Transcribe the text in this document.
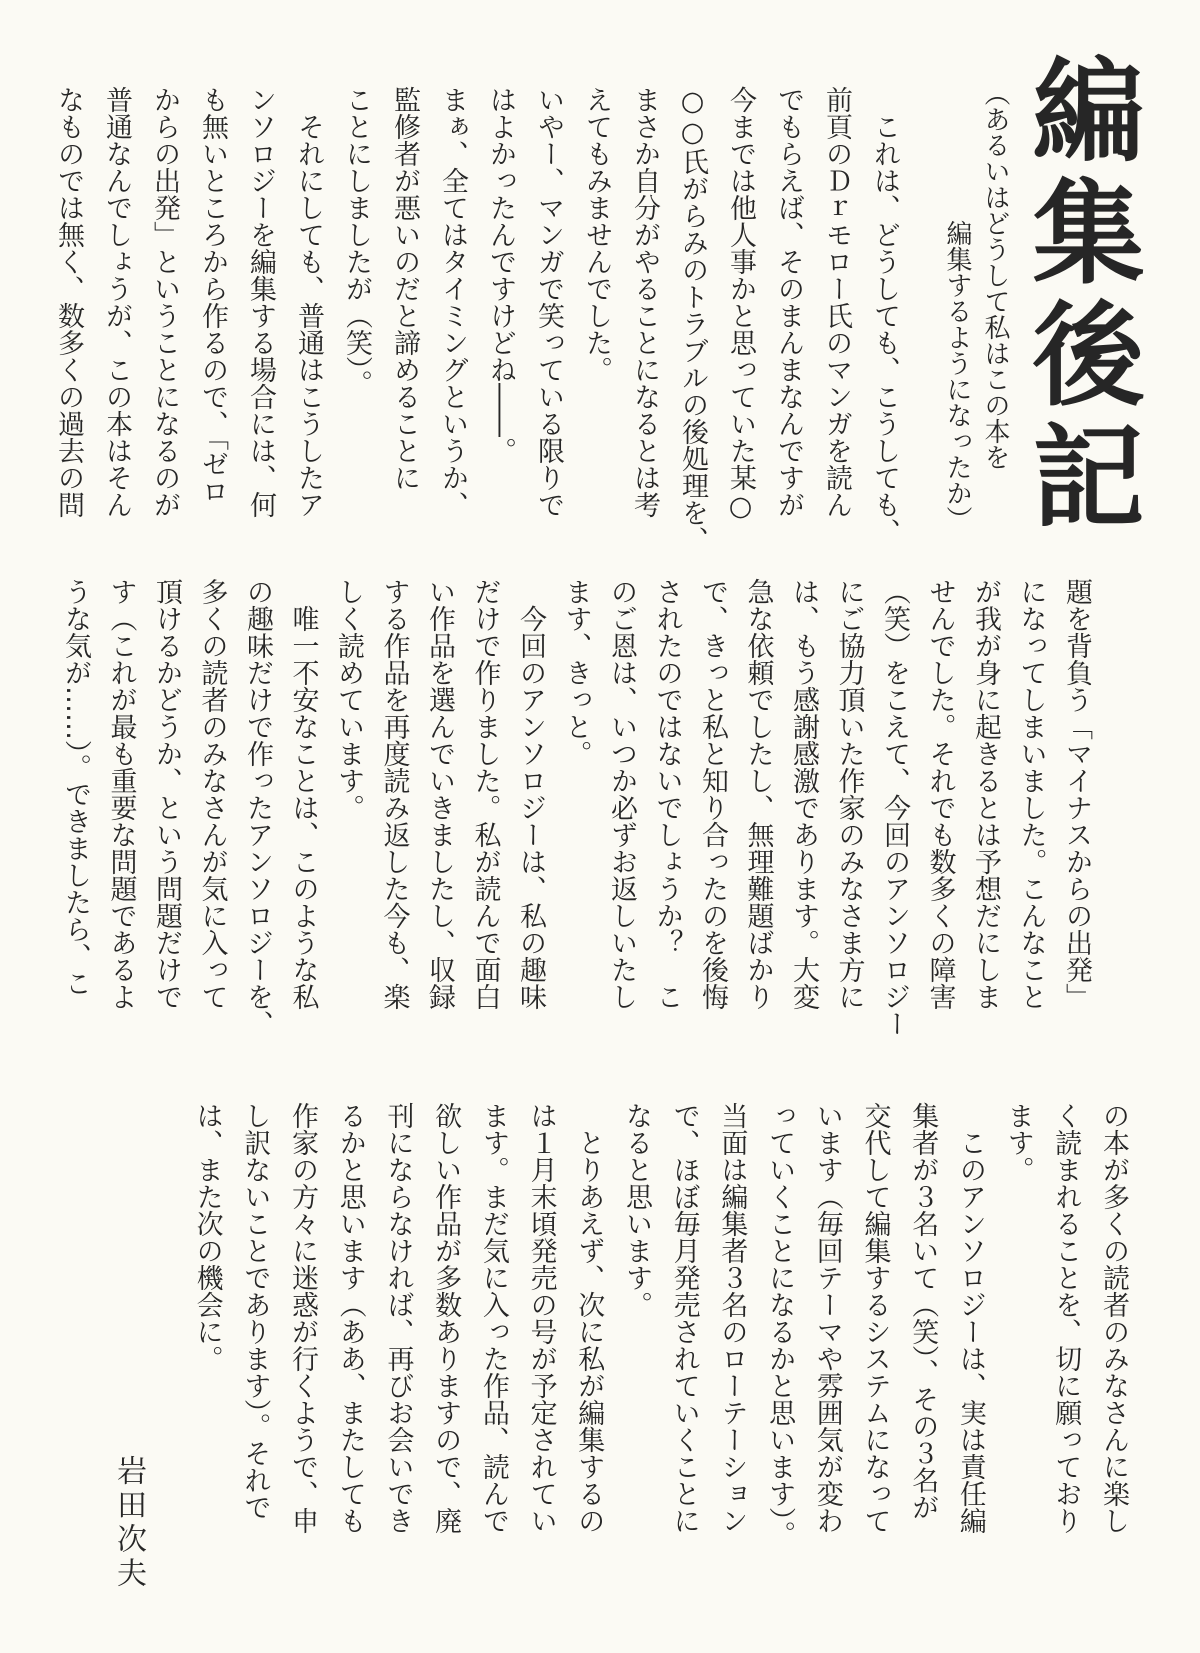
編集後記
（あるいはどうして私はこの本を
編集するようになったか）
　これは、どうしても、こうしても、
前頁のＤｒモロー氏のマンガを読ん
でもらえば、そのまんまなんですが
今までは他人事かと思っていた某○
○○氏がらみのトラブルの後処理を、
まさか自分がやることになるとは考
えてもみませんでした。
いやー、マンガで笑っている限りで
はよかったんですけどね――。
まぁ、全てはタイミングというか、
監修者が悪いのだと諦めることに
ことにしましたが（笑）。
　それにしても、普通はこうしたア
ンソロジーを編集する場合には、何
も無いところから作るので、「ゼロ
からの出発」ということになるのが
普通なんでしょうが、この本はそん
なものでは無く、数多くの過去の問
題を背負う「マイナスからの出発」
になってしまいました。こんなこと
が我が身に起きるとは予想だにしま
せんでした。それでも数多くの障害
（笑）をこえて、今回のアンソロジー
にご協力頂いた作家のみなさま方に
は、もう感謝感激であります。大変
急な依頼でしたし、無理難題ばかり
で、きっと私と知り合ったのを後悔
されたのではないでしょうか？　こ
のご恩は、いつか必ずお返しいたし
ます、きっと。
　今回のアンソロジーは、私の趣味
だけで作りました。私が読んで面白
い作品を選んでいきましたし、収録
する作品を再度読み返した今も、楽
しく読めています。
　唯一不安なことは、このような私
の趣味だけで作ったアンソロジーを、
多くの読者のみなさんが気に入って
頂けるかどうか、という問題だけで
す（これが最も重要な問題であるよ
うな気が……）。できましたら、こ
の本が多くの読者のみなさんに楽し
く読まれることを、切に願っており
ます。
　このアンソロジーは、実は責任編
集者が３名いて（笑）、その３名が
交代して編集するシステムになって
います（毎回テーマや雰囲気が変わ
っていくことになるかと思います）。
当面は編集者３名のローテーション
で、ほぼ毎月発売されていくことに
なると思います。
　とりあえず、次に私が編集するの
は１月末頃発売の号が予定されてい
ます。まだ気に入った作品、読んで
欲しい作品が多数ありますので、廃
刊にならなければ、再びお会いでき
るかと思います（ああ、またしても
作家の方々に迷惑が行くようで、申
し訳ないことであります）。それで
は、また次の機会に。
岩田次夫
